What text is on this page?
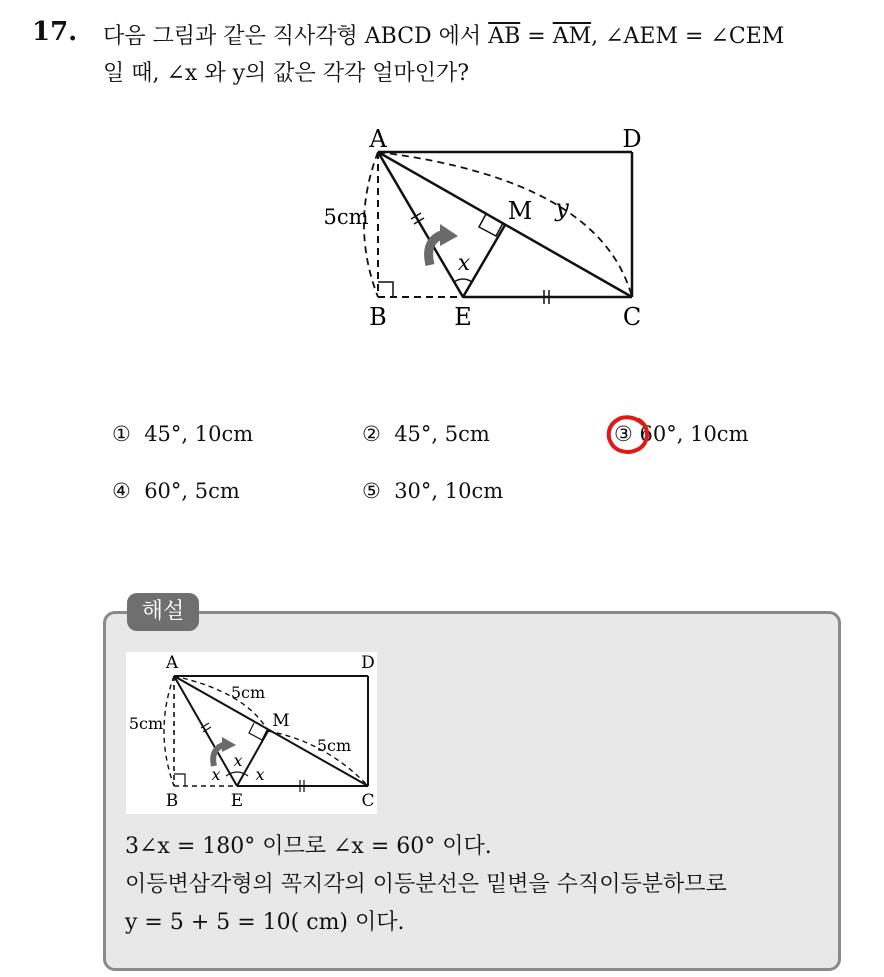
17. 다음 그림과 같은 직사각형 ABCD 에서 $\overline{AB} = \overline{AM}$, ∠AEM = ∠CEM
일 때, ∠x 와 y의 값은 각각 얼마인가?
A	D
B	E	C
M y
x
5cm
① 45°, 10cm	② 45°, 5cm	③ 60°, 10cm
④ 60°, 5cm	⑤ 30°, 10cm
해설
A	D
B	E	C
M
5cm
5cm
5cm
x
x x
3∠x = 180° 이므로 ∠x = 60° 이다.
이등변삼각형의 꼭지각의 이등분선은 밑변을 수직이등분하므로
y = 5 + 5 = 10( cm) 이다.
